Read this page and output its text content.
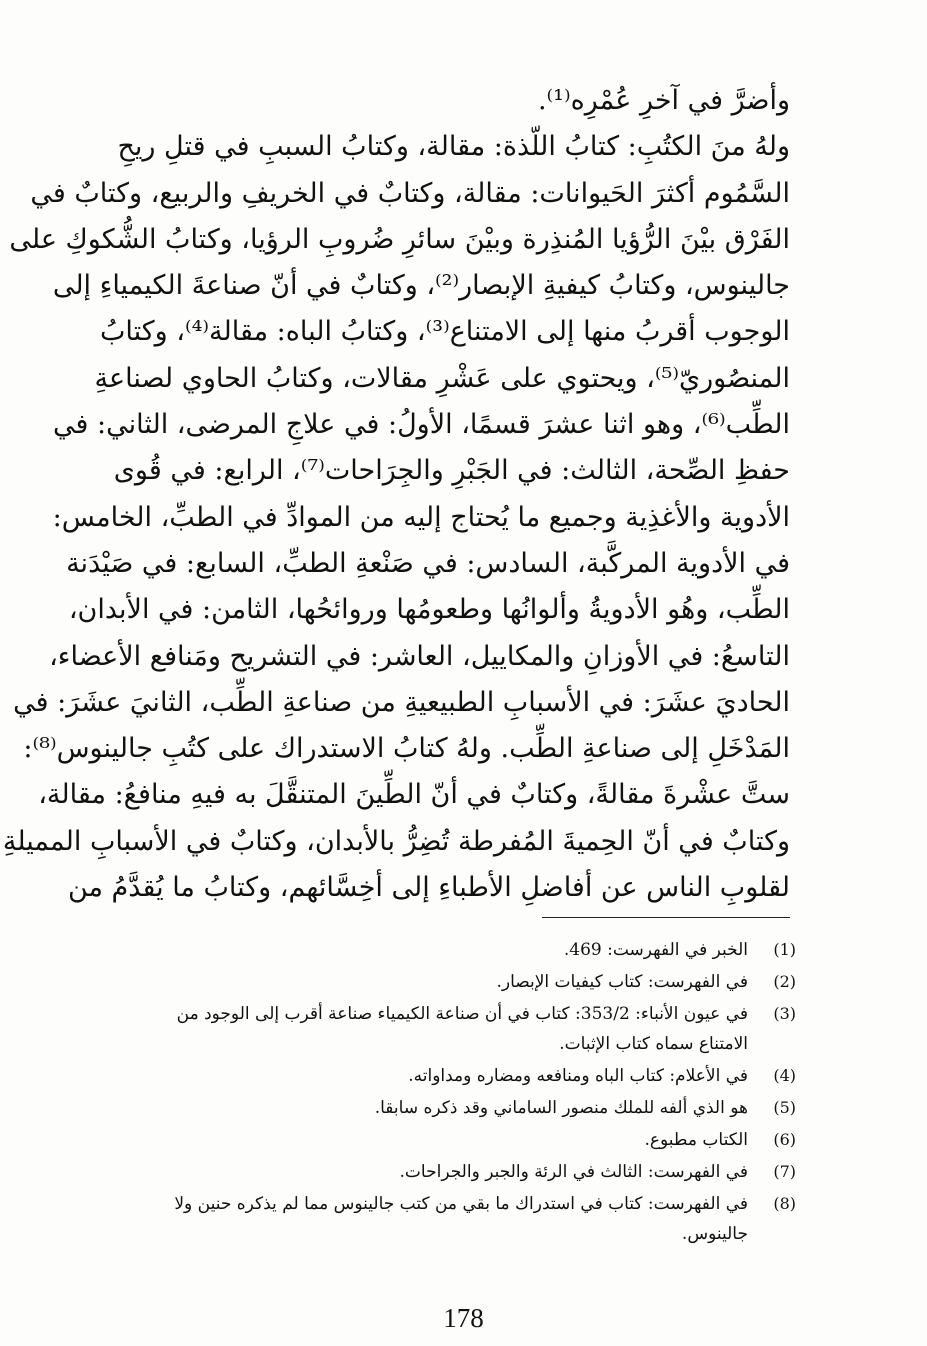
وأضرَّ في آخرِ عُمْرِه⁽¹⁾.
ولهُ منَ الكتُبِ: كتابُ اللّذة: مقالة، وكتابُ السببِ في قتلِ ريحِ
السَّمُوم أكثرَ الحَيوانات: مقالة، وكتابٌ في الخريفِ والربيع، وكتابٌ في
الفَرْق بيْنَ الرُّؤيا المُنذِرة وبيْنَ سائرِ ضُروبِ الرؤيا، وكتابُ الشُّكوكِ على
جالينوس، وكتابُ كيفيةِ الإبصار⁽²⁾، وكتابٌ في أنّ صناعةَ الكيمياءِ إلى
الوجوب أقربُ منها إلى الامتناع⁽³⁾، وكتابُ الباه: مقالة⁽⁴⁾، وكتابُ
المنصُوريّ⁽⁵⁾، ويحتوي على عَشْرِ مقالات، وكتابُ الحاوي لصناعةِ
الطِّب⁽⁶⁾، وهو اثنا عشرَ قسمًا، الأولُ: في علاجِ المرضى، الثاني: في
حفظِ الصِّحة، الثالث: في الجَبْرِ والجِرَاحات⁽⁷⁾، الرابع: في قُوى
الأدوية والأغذِية وجميع ما يُحتاج إليه من الموادِّ في الطبِّ، الخامس:
في الأدوية المركَّبة، السادس: في صَنْعةِ الطبِّ، السابع: في صَيْدَنة
الطِّب، وهُو الأدويةُ وألوانُها وطعومُها وروائحُها، الثامن: في الأبدان،
التاسعُ: في الأوزانِ والمكاييل، العاشر: في التشريح ومَنافع الأعضاء،
الحاديَ عشَرَ: في الأسبابِ الطبيعيةِ من صناعةِ الطِّب، الثانيَ عشَرَ: في
المَدْخَلِ إلى صناعةِ الطِّب. ولهُ كتابُ الاستدراك على كتُبِ جالينوس⁽⁸⁾:
ستَّ عشْرةَ مقالةً، وكتابٌ في أنّ الطِّينَ المتنقَّلَ به فيهِ منافعُ: مقالة،
وكتابٌ في أنّ الحِميةَ المُفرطة تُضِرُّ بالأبدان، وكتابٌ في الأسبابِ المميلةِ
لقلوبِ الناس عن أفاضلِ الأطباءِ إلى أخِسَّائهم، وكتابُ ما يُقدَّمُ من
(1)
الخبر في الفهرست: 469.
(2)
في الفهرست: كتاب كيفيات الإبصار.
(3)
في عيون الأنباء: 353/2: كتاب في أن صناعة الكيمياء صناعة أقرب إلى الوجود من
الامتناع سماه كتاب الإثبات.
(4)
في الأعلام: كتاب الباه ومنافعه ومضاره ومداواته.
(5)
هو الذي ألفه للملك منصور الساماني وقد ذكره سابقا.
(6)
الكتاب مطبوع.
(7)
في الفهرست: الثالث في الرئة والجبر والجراحات.
(8)
في الفهرست: كتاب في استدراك ما بقي من كتب جالينوس مما لم يذكره حنين ولا
جالينوس.
178
